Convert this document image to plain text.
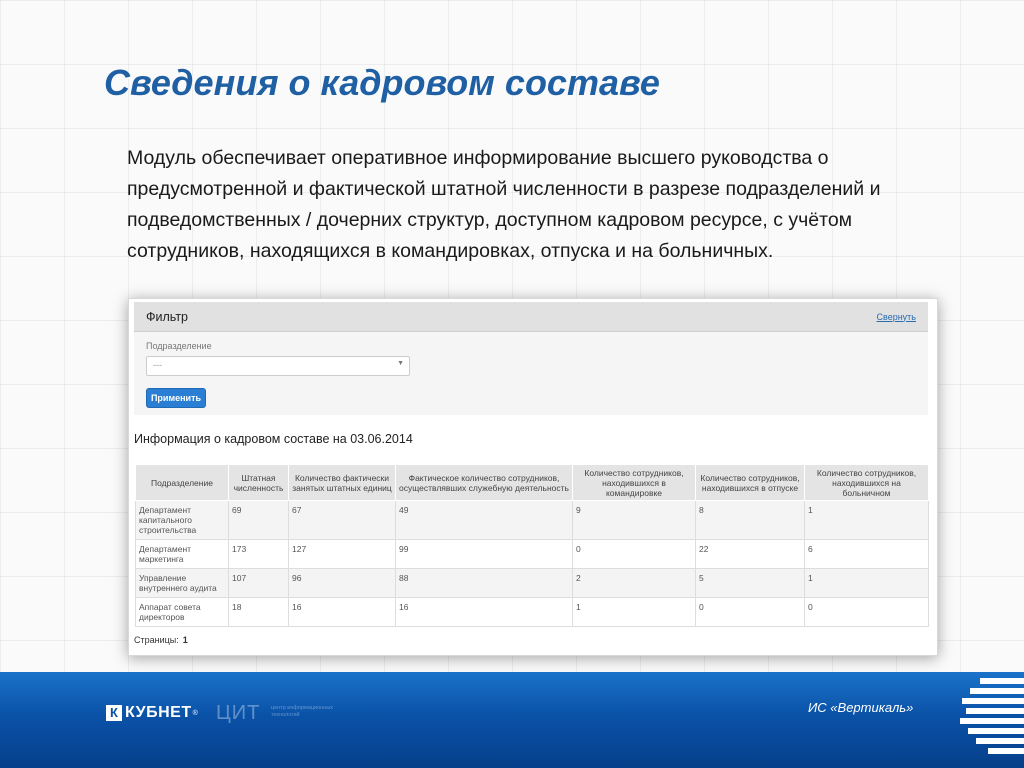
Сведения о кадровом составе

Модуль обеспечивает оперативное информирование высшего руководства о предусмотренной и фактической штатной численности в разрезе подразделений и подведомственных / дочерних структур, доступном кадровом ресурсе, с учётом сотрудников, находящихся в командировках, отпуска и на больничных.

Фильтр	Свернуть
Подразделение
---	▼
Применить
Информация о кадровом составе на 03.06.2014
Подразделение	Штатная численность	Количество фактически занятых штатных единиц	Фактическое количество сотрудников, осуществлявших служебную деятельность	Количество сотрудников, находившихся в командировке	Количество сотрудников, находившихся в отпуске	Количество сотрудников, находившихся на больничном
Департамент капитального строительства	69	67	49	9	8	1
Департамент маркетинга	173	127	99	0	22	6
Управление внутреннего аудита	107	96	88	2	5	1
Аппарат совета директоров	18	16	16	1	0	0
Страницы: 1
К КУБНЕТ ® ЦИТ центр информационных технологий	ИС «Вертикаль»
